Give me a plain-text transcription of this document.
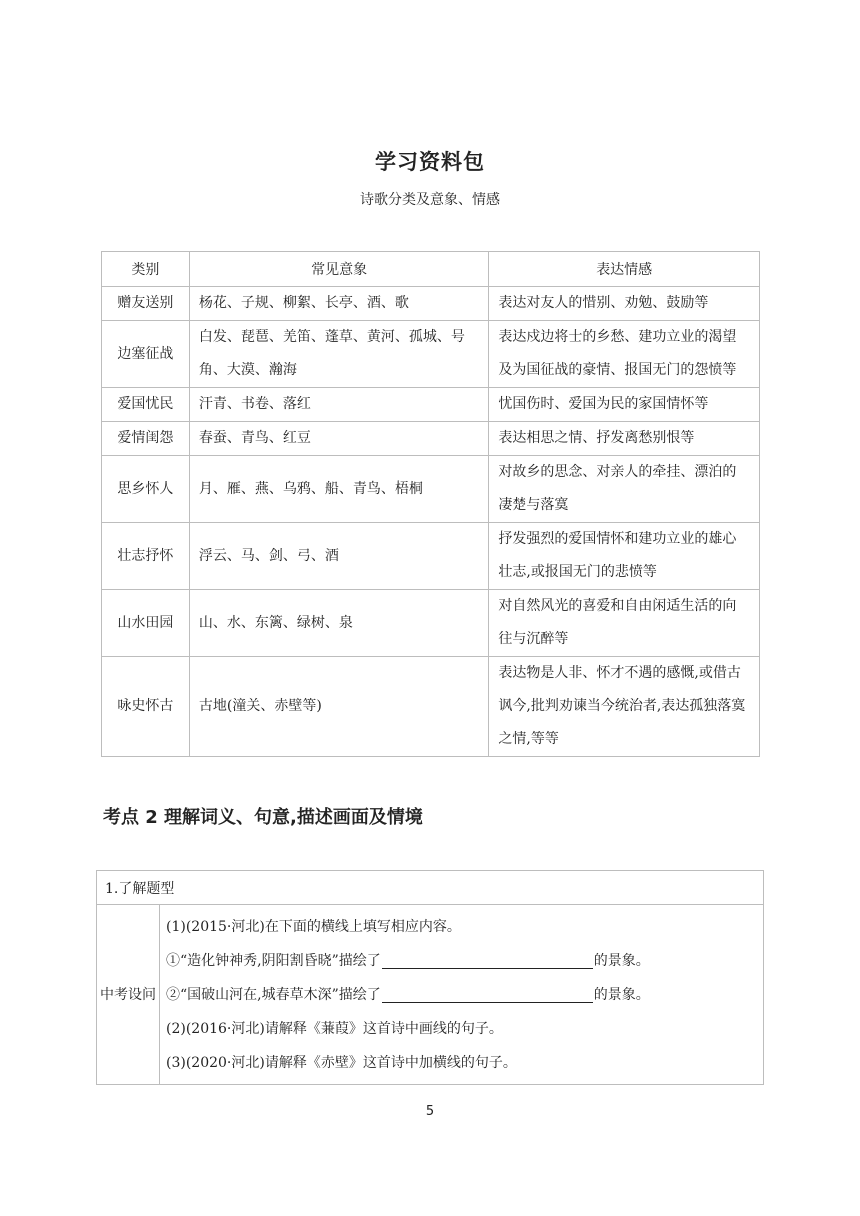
学习资料包
诗歌分类及意象、情感
类别	常见意象	表达情感
赠友送别	杨花、子规、柳絮、长亭、酒、歌	表达对友人的惜别、劝勉、鼓励等
边塞征战	白发、琵琶、羌笛、蓬草、黄河、孤城、号角、大漠、瀚海	表达戍边将士的乡愁、建功立业的渴望及为国征战的豪情、报国无门的怨愤等
爱国忧民	汗青、书卷、落红	忧国伤时、爱国为民的家国情怀等
爱情闺怨	春蚕、青鸟、红豆	表达相思之情、抒发离愁别恨等
思乡怀人	月、雁、燕、乌鸦、船、青鸟、梧桐	对故乡的思念、对亲人的牵挂、漂泊的凄楚与落寞
壮志抒怀	浮云、马、剑、弓、酒	抒发强烈的爱国情怀和建功立业的雄心壮志,或报国无门的悲愤等
山水田园	山、水、东篱、绿树、泉	对自然风光的喜爱和自由闲适生活的向往与沉醉等
咏史怀古	古地(潼关、赤壁等)	表达物是人非、怀才不遇的感慨,或借古讽今,批判劝谏当今统治者,表达孤独落寞之情,等等
考点 2 理解词义、句意,描述画面及情境
1.了解题型
中考设问	
(1)(2015·河北)在下面的横线上填写相应内容。
①“造化钟神秀,阴阳割昏晓”描绘了	的景象。
②“国破山河在,城春草木深”描绘了	的景象。
(2)(2016·河北)请解释《蒹葭》这首诗中画线的句子。
(3)(2020·河北)请解释《赤壁》这首诗中加横线的句子。
5
